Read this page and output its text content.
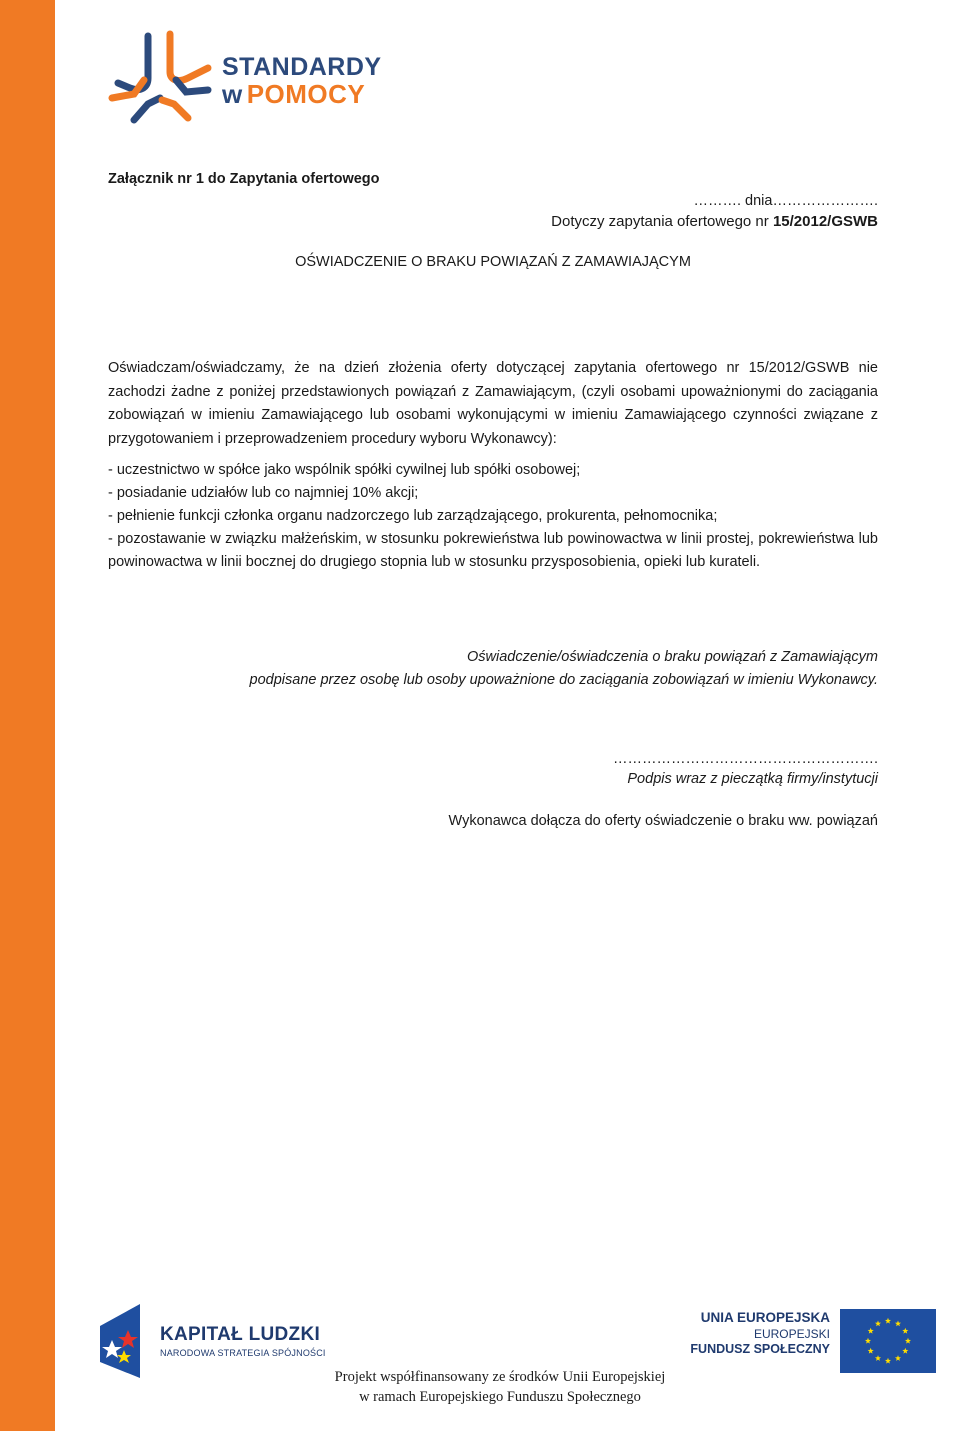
STANDARDY
w POMOCY
Załącznik nr 1 do Zapytania ofertowego
………. dnia………………….
Dotyczy zapytania ofertowego nr 15/2012/GSWB
OŚWIADCZENIE O BRAKU POWIĄZAŃ Z ZAMAWIAJĄCYM
Oświadczam/oświadczamy, że na dzień złożenia oferty dotyczącej zapytania ofertowego nr 15/2012/GSWB nie zachodzi żadne z poniżej przedstawionych powiązań z Zamawiającym, (czyli osobami upoważnionymi do zaciągania zobowiązań w imieniu Zamawiającego lub osobami wykonującymi w imieniu Zamawiającego czynności związane z przygotowaniem i przeprowadzeniem procedury wyboru Wykonawcy):
- uczestnictwo w spółce jako wspólnik spółki cywilnej lub spółki osobowej;
- posiadanie udziałów lub co najmniej 10% akcji;
- pełnienie funkcji członka organu nadzorczego lub zarządzającego, prokurenta, pełnomocnika;
- pozostawanie w związku małżeńskim, w stosunku pokrewieństwa lub powinowactwa w linii prostej, pokrewieństwa lub powinowactwa w linii bocznej do drugiego stopnia lub w stosunku przysposobienia, opieki lub kurateli.
Oświadczenie/oświadczenia o braku powiązań z Zamawiającym
podpisane przez osobę lub osoby upoważnione do zaciągania zobowiązań w imieniu Wykonawcy.
……………………………………………….
Podpis wraz z pieczątką firmy/instytucji
Wykonawca dołącza do oferty oświadczenie o braku ww. powiązań
KAPITAŁ LUDZKI
NARODOWA STRATEGIA SPÓJNOŚCI
UNIA EUROPEJSKA
EUROPEJSKI
FUNDUSZ SPOŁECZNY
Projekt współfinansowany ze środków Unii Europejskiej
w ramach Europejskiego Funduszu Społecznego
